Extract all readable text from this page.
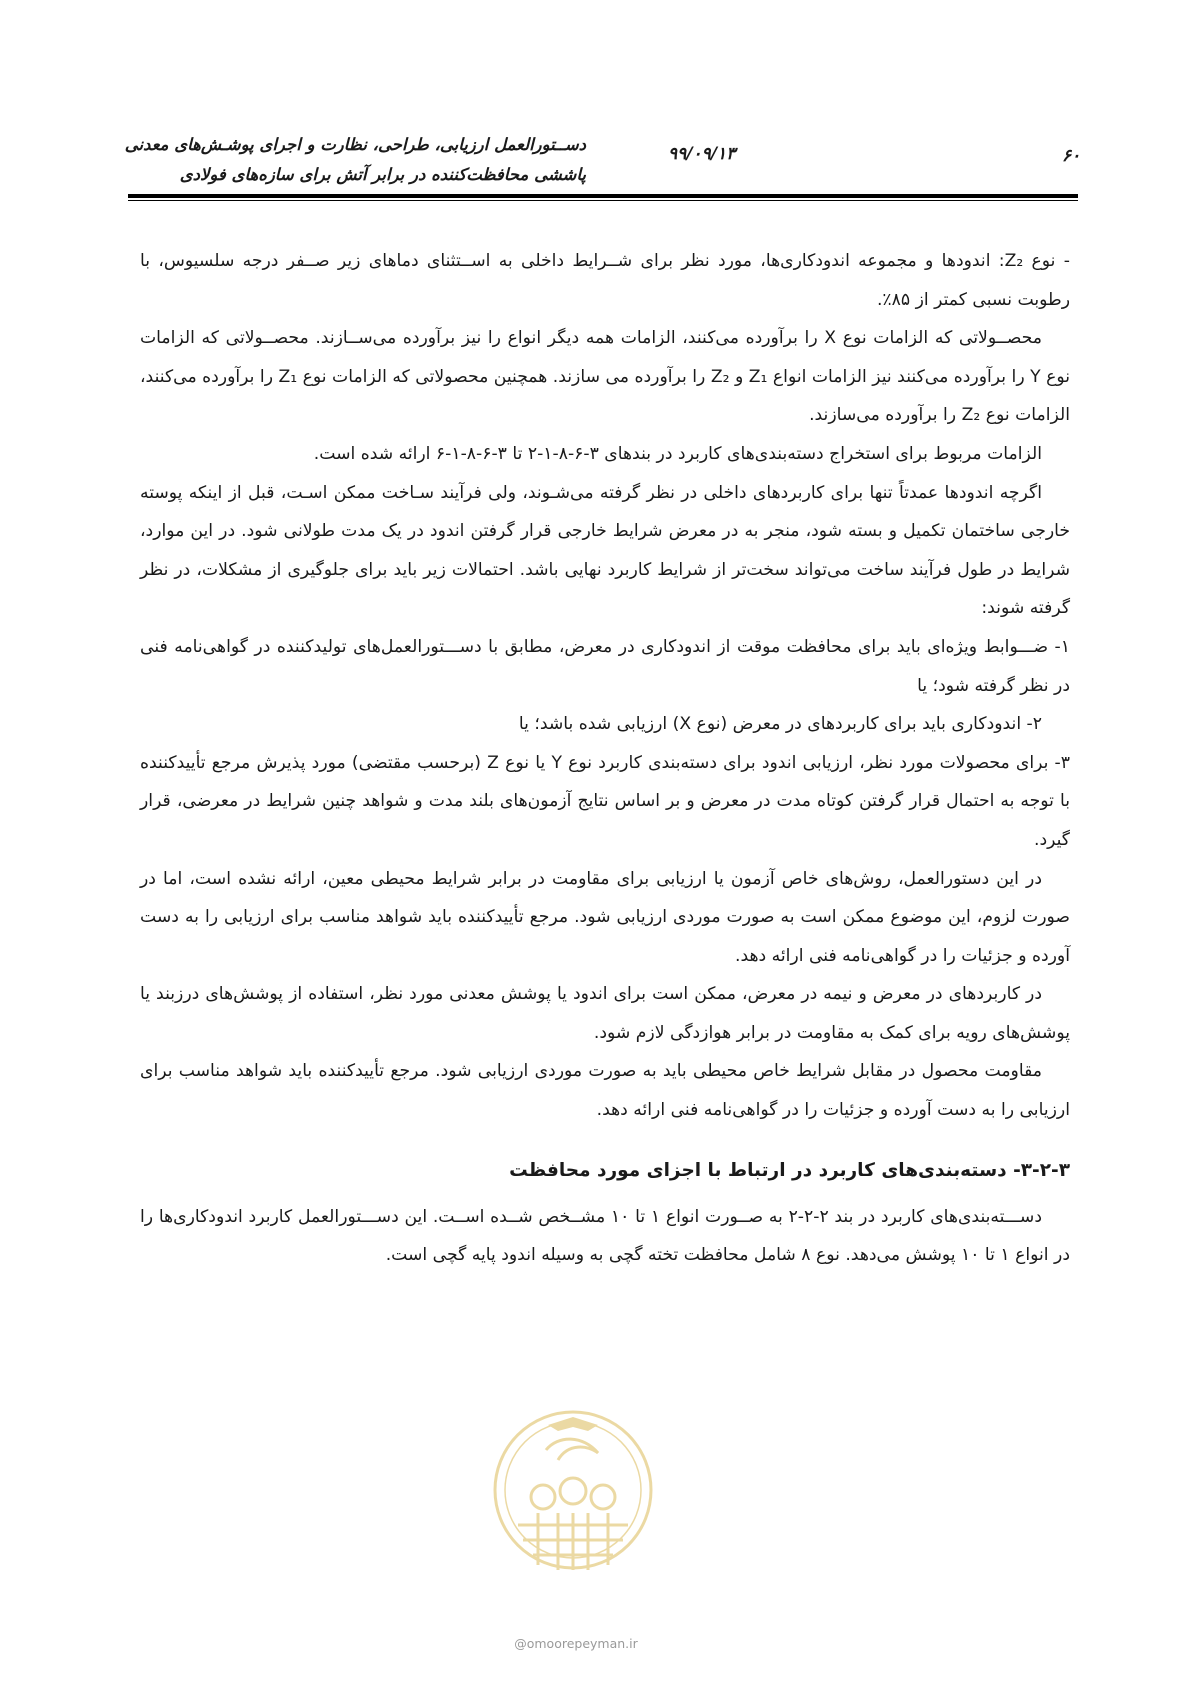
دســتورالعمل ارزیابی، طراحی، نظارت و اجرای پوشـش‌های معدنی
پاششی محافظت‌کننده در برابر آتش برای سازه‌های فولادی
۹۹/۰۹/۱۳	۶۰

- نوع Z₂: اندودها و مجموعه اندودکاری‌ها، مورد نظر برای شــرایط داخلی به اســتثنای دماهای زیر صــفر درجه سلسیوس، با رطوبت نسبی کمتر از ۸۵٪.

محصــولاتی که الزامات نوع X را برآورده می‌کنند، الزامات همه دیگر انواع را نیز برآورده می‌ســازند. محصــولاتی که الزامات نوع Y را برآورده می‌کنند نیز الزامات انواع Z₁ و Z₂ را برآورده می سازند. همچنین محصولاتی که الزامات نوع Z₁ را برآورده می‌کنند، الزامات نوع Z₂ را برآورده می‌سازند.

الزامات مربوط برای استخراج دسته‌بندی‌های کاربرد در بندهای ۳-۶-۸-۱-۲ تا ۳-۶-۸-۱-۶ ارائه شده است.

اگرچه اندودها عمدتاً تنها برای کاربردهای داخلی در نظر گرفته می‌شـوند، ولی فرآیند سـاخت ممکن اسـت، قبل از اینکه پوسته خارجی ساختمان تکمیل و بسته شود، منجر به در معرض شرایط خارجی قرار گرفتن اندود در یک مدت طولانی شود. در این موارد، شرایط در طول فرآیند ساخت می‌تواند سخت‌تر از شرایط کاربرد نهایی باشد. احتمالات زیر باید برای جلوگیری از مشکلات، در نظر گرفته شوند:

۱- ضـــوابط ویژه‌ای باید برای محافظت موقت از اندودکاری در معرض، مطابق با دســـتورالعمل‌های تولیدکننده در گواهی‌نامه فنی در نظر گرفته شود؛ یا

۲- اندودکاری باید برای کاربردهای در معرض (نوع X) ارزیابی شده باشد؛ یا

۳- برای محصولات مورد نظر، ارزیابی اندود برای دسته‌بندی کاربرد نوع Y یا نوع Z (برحسب مقتضی) مورد پذیرش مرجع تأییدکننده با توجه به احتمال قرار گرفتن کوتاه مدت در معرض و بر اساس نتایج آزمون‌های بلند مدت و شواهد چنین شرایط در معرضی، قرار گیرد.

در این دستورالعمل، روش‌های خاص آزمون یا ارزیابی برای مقاومت در برابر شرایط محیطی معین، ارائه نشده است، اما در صورت لزوم، این موضوع ممکن است به صورت موردی ارزیابی شود. مرجع تأییدکننده باید شواهد مناسب برای ارزیابی را به دست آورده و جزئیات را در گواهی‌نامه فنی ارائه دهد.

در کاربردهای در معرض و نیمه در معرض، ممکن است برای اندود یا پوشش معدنی مورد نظر، استفاده از پوشش‌های درزبند یا پوشش‌های رویه برای کمک به مقاومت در برابر هوازدگی لازم شود.

مقاومت محصول در مقابل شرایط خاص محیطی باید به صورت موردی ارزیابی شود. مرجع تأییدکننده باید شواهد مناسب برای ارزیابی را به دست آورده و جزئیات را در گواهی‌نامه فنی ارائه دهد.

۳-۲-۳- دسته‌بندی‌های کاربرد در ارتباط با اجزای مورد محافظت

دســـته‌بندی‌های کاربرد در بند ۲-۲-۲ به صــورت انواع ۱ تا ۱۰ مشــخص شــده اســت. این دســـتورالعمل کاربرد اندودکاری‌ها را در انواع ۱ تا ۱۰ پوشش می‌دهد. نوع ۸ شامل محافظت تخته گچی به وسیله اندود پایه گچی است.

@omoorepeyman.ir
